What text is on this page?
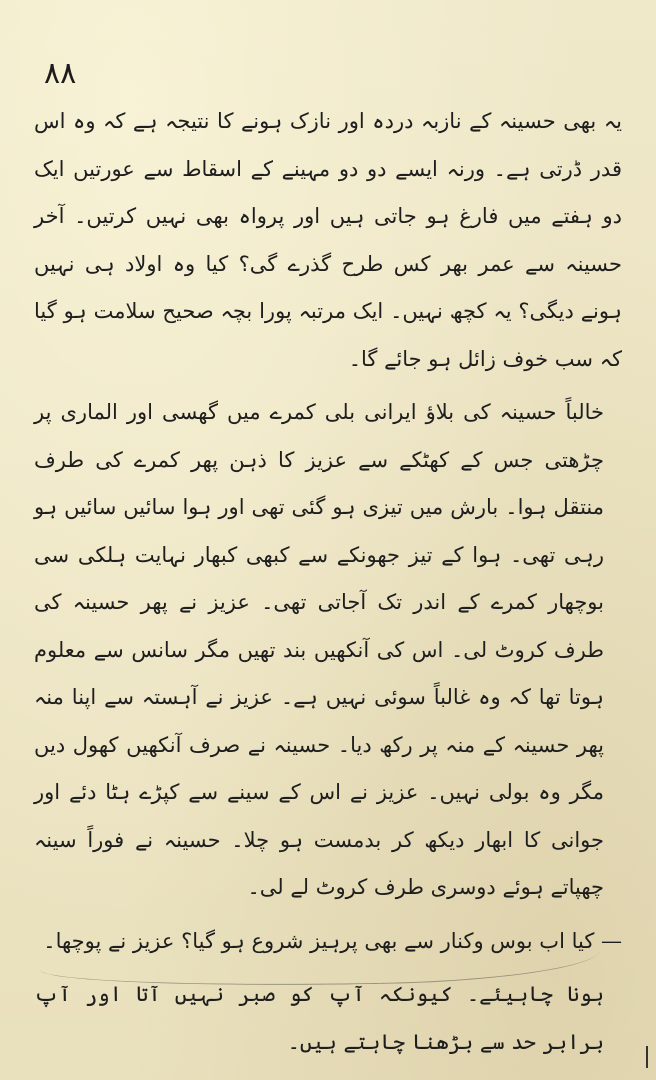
٨٨

یہ بھی حسینہ کے نازبہ دردہ اور نازک ہونے کا نتیجہ ہے کہ وہ اس قدر ڈرتی ہے۔ ورنہ ایسے دو دو مہینے کے اسقاط سے عورتیں ایک دو ہفتے میں فارغ ہو جاتی ہیں اور پرواہ بھی نہیں کرتیں۔ آخر حسینہ سے عمر بھر کس طرح گذرے گی؟ کیا وہ اولاد ہی نہیں ہونے دیگی؟ یہ کچھ نہیں۔ ایک مرتبہ پورا بچہ صحیح سلامت ہو گیا کہ سب خوف زائل ہو جائے گا۔

خالباً حسینہ کی بلاؤ ایرانی بلی کمرے میں گھسی اور الماری پر چڑھتی جس کے کھٹکے سے عزیز کا ذہن پھر کمرے کی طرف منتقل ہوا۔ بارش میں تیزی ہو گئی تھی اور ہوا سائیں سائیں ہو رہی تھی۔ ہوا کے تیز جھونکے سے کبھی کبھار نہایت ہلکی سی بوچھار کمرے کے اندر تک آجاتی تھی۔ عزیز نے پھر حسینہ کی طرف کروٹ لی۔ اس کی آنکھیں بند تھیں مگر سانس سے معلوم ہوتا تھا کہ وہ غالباً سوئی نہیں ہے۔ عزیز نے آہستہ سے اپنا منہ پھر حسینہ کے منہ پر رکھ دیا۔ حسینہ نے صرف آنکھیں کھول دیں مگر وہ بولی نہیں۔ عزیز نے اس کے سینے سے کپڑے ہٹا دئے اور جوانی کا ابھار دیکھ کر بدمست ہو چلا۔ حسینہ نے فوراً سینہ چھپاتے ہوئے دوسری طرف کروٹ لے لی۔

— کیا اب بوس وکنار سے بھی پرہیز شروع ہو گیا؟ عزیز نے پوچھا۔

ہونا چاہیئے۔ کیونکہ آپ کو صبر نہیں آتا اور آپ برابر حد سے بڑھنا چاہتے ہیں۔
